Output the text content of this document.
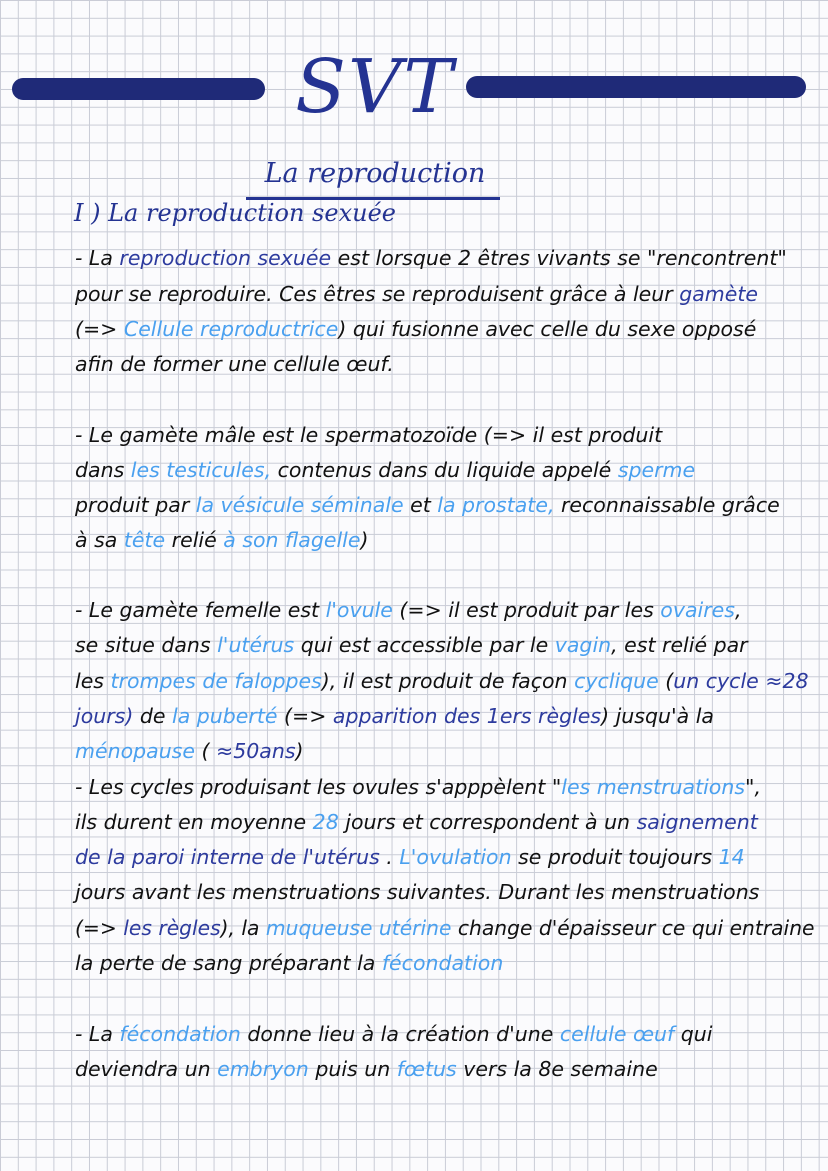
SVT
La reproduction
I ) La reproduction sexuée
- La reproduction sexuée est lorsque 2 êtres vivants se "rencontrent"
pour se reproduire. Ces êtres se reproduisent grâce à leur gamète
(=> Cellule reproductrice) qui fusionne avec celle du sexe opposé
afin de former une cellule œuf.
- Le gamète mâle est le spermatozoïde (=> il est produit
dans les testicules, contenus dans du liquide appelé sperme
produit par la vésicule séminale et la prostate, reconnaissable grâce
à sa tête relié à son flagelle)
- Le gamète femelle est l'ovule (=> il est produit par les ovaires,
se situe dans l'utérus qui est accessible par le vagin, est relié par
les trompes de faloppes), il est produit de façon cyclique (un cycle ≈28
jours) de la puberté (=> apparition des 1ers règles) jusqu'à la
ménopause ( ≈50ans)
- Les cycles produisant les ovules s'apppèlent "les menstruations",
ils durent en moyenne 28 jours et correspondent à un saignement
de la paroi interne de l'utérus . L'ovulation se produit toujours 14
jours avant les menstruations suivantes. Durant les menstruations
(=> les règles), la muqueuse utérine change d'épaisseur ce qui entraine
la perte de sang préparant la fécondation
- La fécondation donne lieu à la création d'une cellule œuf qui
deviendra un embryon puis un fœtus vers la 8e semaine
